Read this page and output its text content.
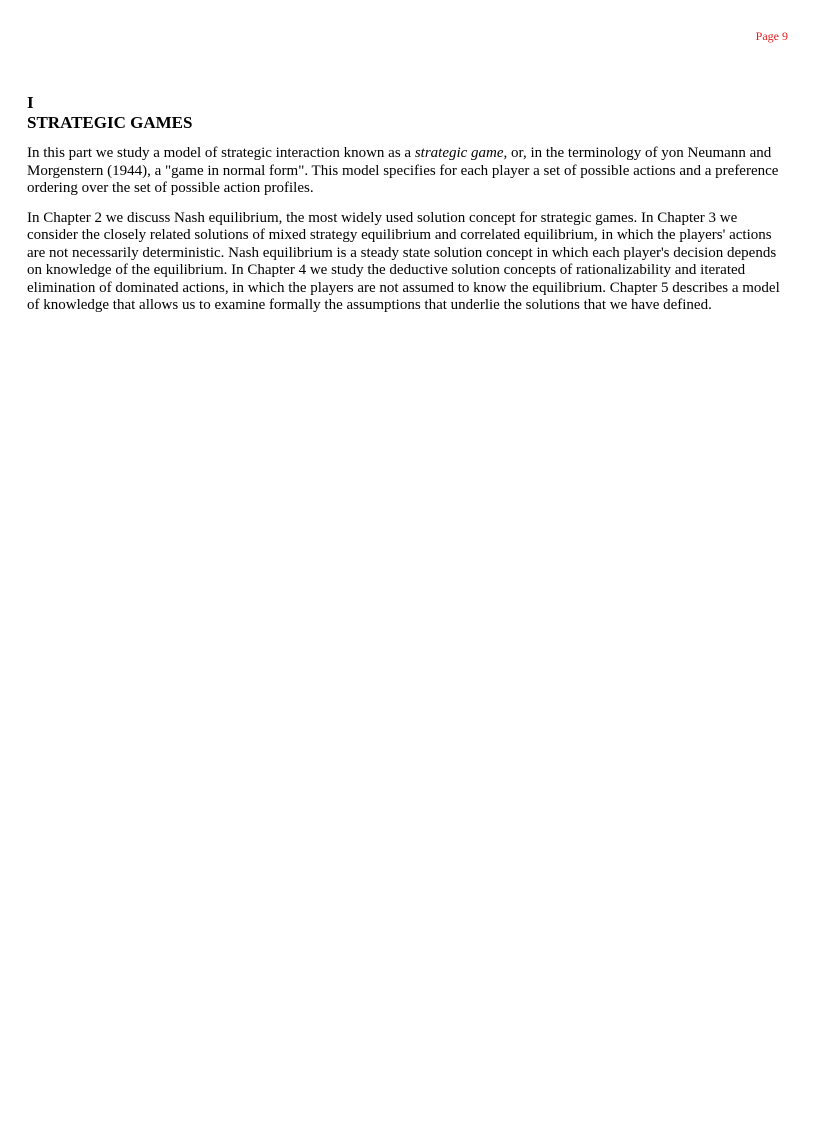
Page 9
I
STRATEGIC GAMES

In this part we study a model of strategic interaction known as a strategic game, or, in the terminology of yon Neumann and Morgenstern (1944), a "game in normal form". This model specifies for each player a set of possible actions and a preference ordering over the set of possible action profiles.

In Chapter 2 we discuss Nash equilibrium, the most widely used solution concept for strategic games. In Chapter 3 we consider the closely related solutions of mixed strategy equilibrium and correlated equilibrium, in which the players' actions are not necessarily deterministic. Nash equilibrium is a steady state solution concept in which each player's decision depends on knowledge of the equilibrium. In Chapter 4 we study the deductive solution concepts of rationalizability and iterated elimination of dominated actions, in which the players are not assumed to know the equilibrium. Chapter 5 describes a model of knowledge that allows us to examine formally the assumptions that underlie the solutions that we have defined.
